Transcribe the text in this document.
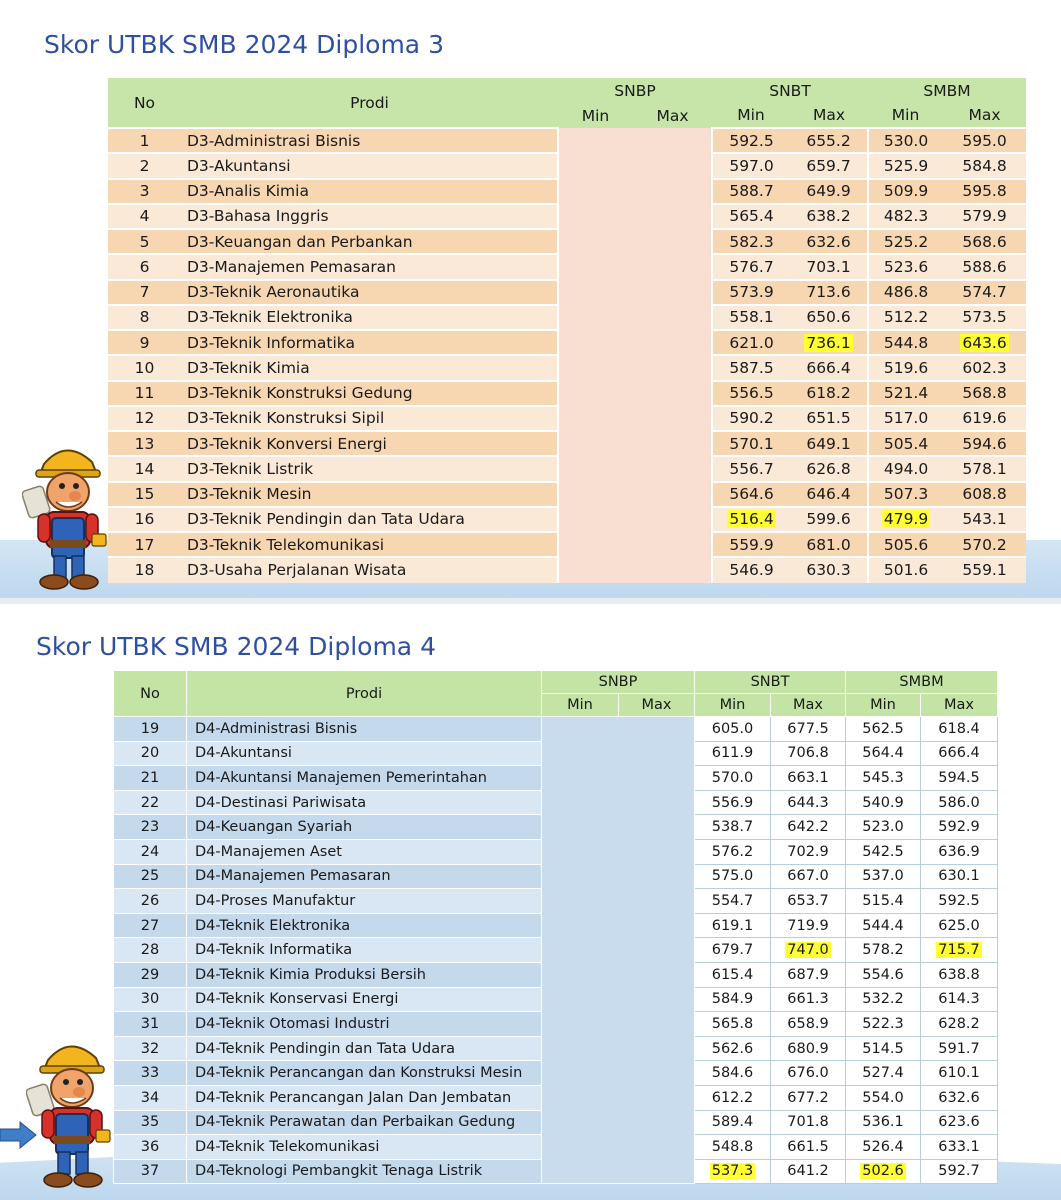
Skor UTBK SMB 2024 Diploma 3
No	Prodi	SNBP		SNBT		SMBM	
		Min	Max	Min	Max	Min	Max
1	D3-Administrasi Bisnis			592.5	655.2	530.0	595.0
2	D3-Akuntansi			597.0	659.7	525.9	584.8
3	D3-Analis Kimia			588.7	649.9	509.9	595.8
4	D3-Bahasa Inggris			565.4	638.2	482.3	579.9
5	D3-Keuangan dan Perbankan			582.3	632.6	525.2	568.6
6	D3-Manajemen Pemasaran			576.7	703.1	523.6	588.6
7	D3-Teknik Aeronautika			573.9	713.6	486.8	574.7
8	D3-Teknik Elektronika			558.1	650.6	512.2	573.5
9	D3-Teknik Informatika			621.0	736.1	544.8	643.6
10	D3-Teknik Kimia			587.5	666.4	519.6	602.3
11	D3-Teknik Konstruksi Gedung			556.5	618.2	521.4	568.8
12	D3-Teknik Konstruksi Sipil			590.2	651.5	517.0	619.6
13	D3-Teknik Konversi Energi			570.1	649.1	505.4	594.6
14	D3-Teknik Listrik			556.7	626.8	494.0	578.1
15	D3-Teknik Mesin			564.6	646.4	507.3	608.8
16	D3-Teknik Pendingin dan Tata Udara			516.4	599.6	479.9	543.1
17	D3-Teknik Telekomunikasi			559.9	681.0	505.6	570.2
18	D3-Usaha Perjalanan Wisata			546.9	630.3	501.6	559.1
Skor UTBK SMB 2024 Diploma 4
No	Prodi	SNBP		SNBT		SMBM	
		Min	Max	Min	Max	Min	Max
19	D4-Administrasi Bisnis			605.0	677.5	562.5	618.4
20	D4-Akuntansi			611.9	706.8	564.4	666.4
21	D4-Akuntansi Manajemen Pemerintahan			570.0	663.1	545.3	594.5
22	D4-Destinasi Pariwisata			556.9	644.3	540.9	586.0
23	D4-Keuangan Syariah			538.7	642.2	523.0	592.9
24	D4-Manajemen Aset			576.2	702.9	542.5	636.9
25	D4-Manajemen Pemasaran			575.0	667.0	537.0	630.1
26	D4-Proses Manufaktur			554.7	653.7	515.4	592.5
27	D4-Teknik Elektronika			619.1	719.9	544.4	625.0
28	D4-Teknik Informatika			679.7	747.0	578.2	715.7
29	D4-Teknik Kimia Produksi Bersih			615.4	687.9	554.6	638.8
30	D4-Teknik Konservasi Energi			584.9	661.3	532.2	614.3
31	D4-Teknik Otomasi Industri			565.8	658.9	522.3	628.2
32	D4-Teknik Pendingin dan Tata Udara			562.6	680.9	514.5	591.7
33	D4-Teknik Perancangan dan Konstruksi Mesin			584.6	676.0	527.4	610.1
34	D4-Teknik Perancangan Jalan Dan Jembatan			612.2	677.2	554.0	632.6
35	D4-Teknik Perawatan dan Perbaikan Gedung			589.4	701.8	536.1	623.6
36	D4-Teknik Telekomunikasi			548.8	661.5	526.4	633.1
37	D4-Teknologi Pembangkit Tenaga Listrik			537.3	641.2	502.6	592.7
